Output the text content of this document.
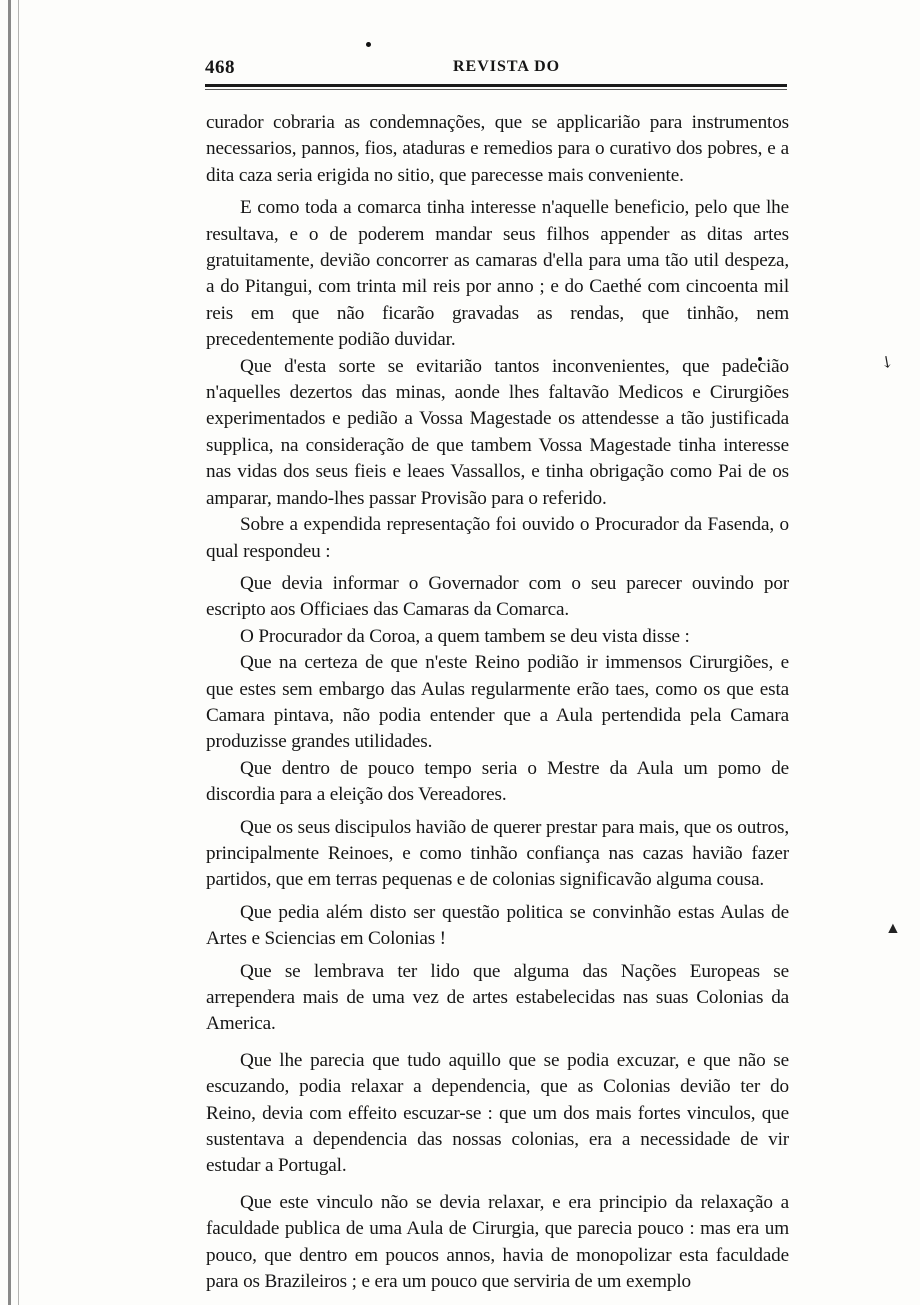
↘
▲
468	REVISTA DO

curador cobraria as condemnações, que se applicarião para instrumentos necessarios, pannos, fios, ataduras e remedios para o curativo dos pobres, e a dita caza seria erigida no sitio, que parecesse mais conveniente.

E como toda a comarca tinha interesse n'aquelle beneficio, pelo que lhe resultava, e o de poderem mandar seus filhos appender as ditas artes gratuitamente, devião concorrer as camaras d'ella para uma tão util despeza, a do Pitangui, com trinta mil reis por anno ; e do Caethé com cincoenta mil reis em que não ficarão gravadas as rendas, que tinhão, nem precedentemente podião duvidar.

Que d'esta sorte se evitarião tantos inconvenientes, que padecião n'aquelles dezertos das minas, aonde lhes faltavão Medicos e Cirurgiões experimentados e pedião a Vossa Magestade os attendesse a tão justificada supplica, na consideração de que tambem Vossa Magestade tinha interesse nas vidas dos seus fieis e leaes Vassallos, e tinha obrigação como Pai de os amparar, mando-lhes passar Provisão para o referido.

Sobre a expendida representação foi ouvido o Procurador da Fasenda, o qual respondeu :

Que devia informar o Governador com o seu parecer ouvindo por escripto aos Officiaes das Camaras da Comarca.

O Procurador da Coroa, a quem tambem se deu vista disse :

Que na certeza de que n'este Reino podião ir immensos Cirurgiões, e que estes sem embargo das Aulas regularmente erão taes, como os que esta Camara pintava, não podia entender que a Aula pertendida pela Camara produzisse grandes utilidades.

Que dentro de pouco tempo seria o Mestre da Aula um pomo de discordia para a eleição dos Vereadores.

Que os seus discipulos havião de querer prestar para mais, que os outros, principalmente Reinoes, e como tinhão confiança nas cazas havião fazer partidos, que em terras pequenas e de colonias significavão alguma cousa.

Que pedia além disto ser questão politica se convinhão estas Aulas de Artes e Sciencias em Colonias !

Que se lembrava ter lido que alguma das Nações Europeas se arrependera mais de uma vez de artes estabelecidas nas suas Colonias da America.

Que lhe parecia que tudo aquillo que se podia excuzar, e que não se escuzando, podia relaxar a dependencia, que as Colonias devião ter do Reino, devia com effeito escuzar-se : que um dos mais fortes vinculos, que sustentava a dependencia das nossas colonias, era a necessidade de vir estudar a Portugal.

Que este vinculo não se devia relaxar, e era principio da relaxação a faculdade publica de uma Aula de Cirurgia, que parecia pouco : mas era um pouco, que dentro em poucos annos, havia de monopolizar esta faculdade para os Brazileiros ; e era um pouco que serviria de um exemplo
